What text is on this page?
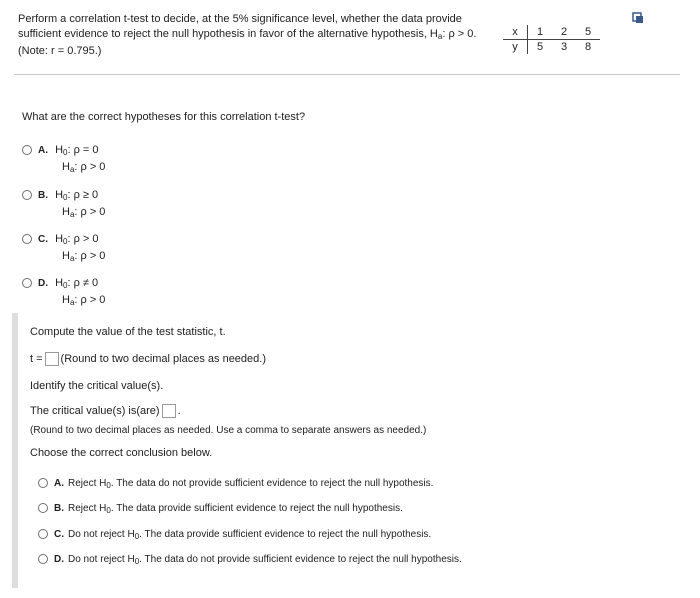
Perform a correlation t-test to decide, at the 5% significance level, whether the data provide
sufficient evidence to reject the null hypothesis in favor of the alternative hypothesis, $H_a$: ρ > 0.
(Note: r = 0.795.)
x	1	2	5
y	5	3	8
What are the correct hypotheses for this correlation t-test?
A. $H_0$: ρ = 0
$H_a$: ρ > 0
B. $H_0$: ρ ≥ 0
$H_a$: ρ > 0
C. $H_0$: ρ > 0
$H_a$: ρ > 0
D. $H_0$: ρ ≠ 0
$H_a$: ρ > 0
Compute the value of the test statistic, t.
t = (Round to two decimal places as needed.)
Identify the critical value(s).
The critical value(s) is(are) .
(Round to two decimal places as needed. Use a comma to separate answers as needed.)
Choose the correct conclusion below.
A. Reject $H_0$. The data do not provide sufficient evidence to reject the null hypothesis.
B. Reject $H_0$. The data provide sufficient evidence to reject the null hypothesis.
C. Do not reject $H_0$. The data provide sufficient evidence to reject the null hypothesis.
D. Do not reject $H_0$. The data do not provide sufficient evidence to reject the null hypothesis.
